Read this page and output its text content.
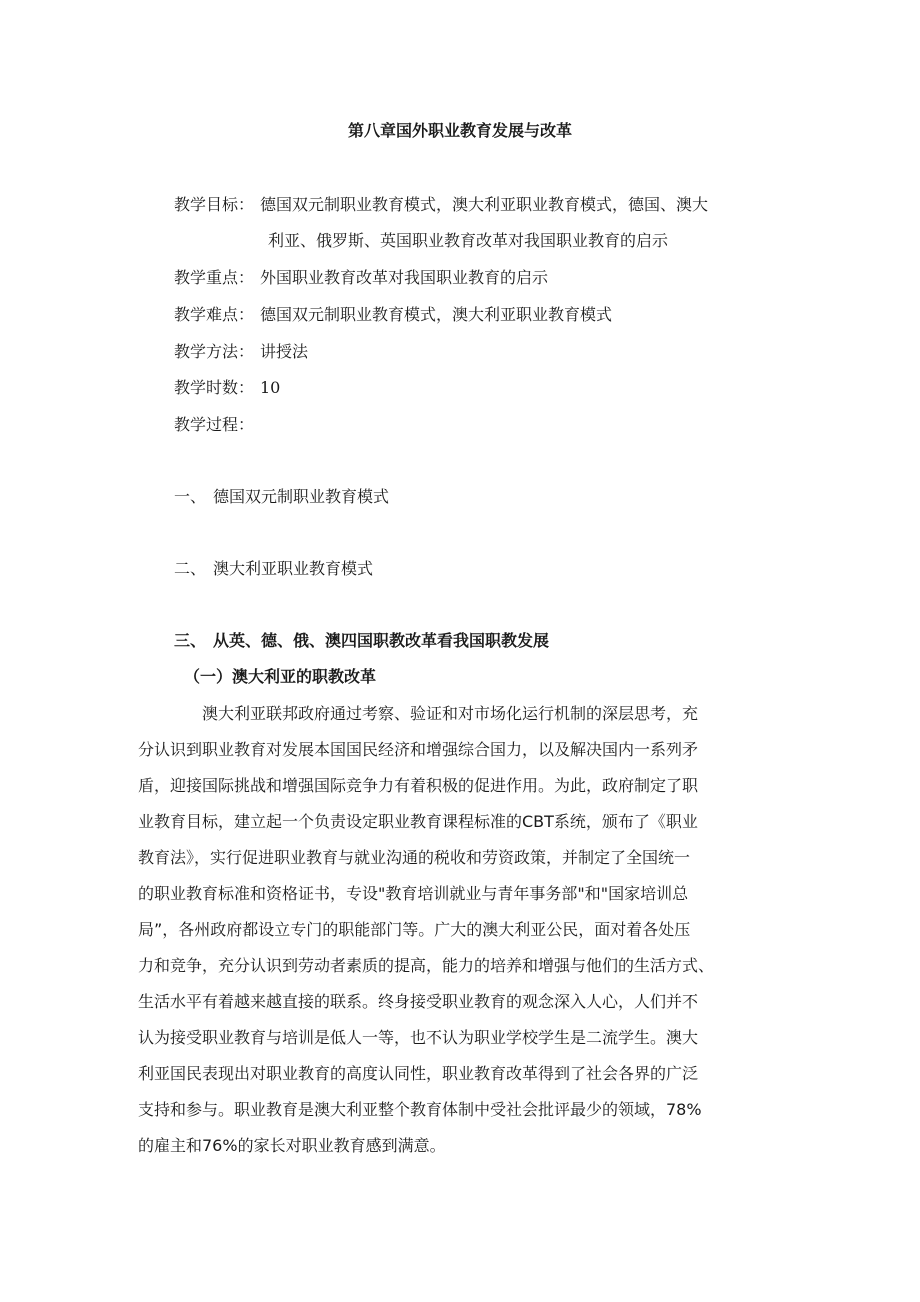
第八章国外职业教育发展与改革
教学目标： 德国双元制职业教育模式，澳大利亚职业教育模式，德国、澳大
利亚、俄罗斯、英国职业教育改革对我国职业教育的启示
教学重点： 外国职业教育改革对我国职业教育的启示
教学难点： 德国双元制职业教育模式，澳大利亚职业教育模式
教学方法： 讲授法
教学时数： 10
教学过程：
一、 德国双元制职业教育模式
二、 澳大利亚职业教育模式
三、 从英、德、俄、澳四国职教改革看我国职教发展
（一）澳大利亚的职教改革
澳大利亚联邦政府通过考察、验证和对市场化运行机制的深层思考，充
分认识到职业教育对发展本国国民经济和增强综合国力，以及解决国内一系列矛
盾，迎接国际挑战和增强国际竞争力有着积极的促进作用。为此，政府制定了职
业教育目标，建立起一个负责设定职业教育课程标准的CBT系统，颁布了《职业
教育法》，实行促进职业教育与就业沟通的税收和劳资政策，并制定了全国统一
的职业教育标准和资格证书，专设"教育培训就业与青年事务部"和"国家培训总
局”，各州政府都设立专门的职能部门等。广大的澳大利亚公民，面对着各处压
力和竞争，充分认识到劳动者素质的提高，能力的培养和增强与他们的生活方式、
生活水平有着越来越直接的联系。终身接受职业教育的观念深入人心，人们并不
认为接受职业教育与培训是低人一等，也不认为职业学校学生是二流学生。澳大
利亚国民表现出对职业教育的高度认同性，职业教育改革得到了社会各界的广泛
支持和参与。职业教育是澳大利亚整个教育体制中受社会批评最少的领域，78%
的雇主和76%的家长对职业教育感到满意。
